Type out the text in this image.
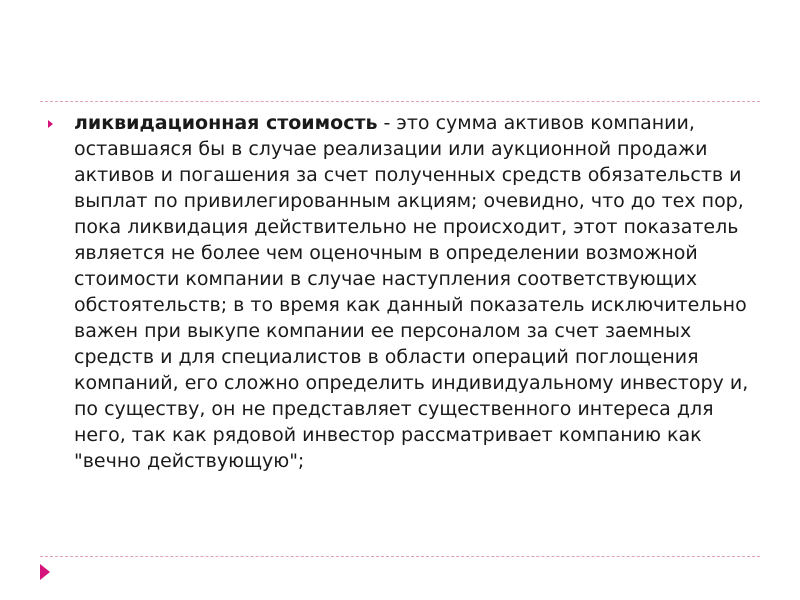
ликвидационная стоимость - это сумма активов компании, оставшаяся бы в случае реализации или аукционной продажи активов и погашения за счет полученных средств обязательств и выплат по привилегированным акциям; очевидно, что до тех пор, пока ликвидация действительно не происходит, этот показатель является не более чем оценочным в определении возможной стоимости компании в случае наступления соответствующих обстоятельств; в то время как данный показатель исключительно важен при выкупе компании ее персоналом за счет заемных средств и для специалистов в области операций поглощения компаний, его сложно определить индивидуальному инвестору и, по существу, он не представляет существенного интереса для него, так как рядовой инвестор рассматривает компанию как "вечно действующую";
